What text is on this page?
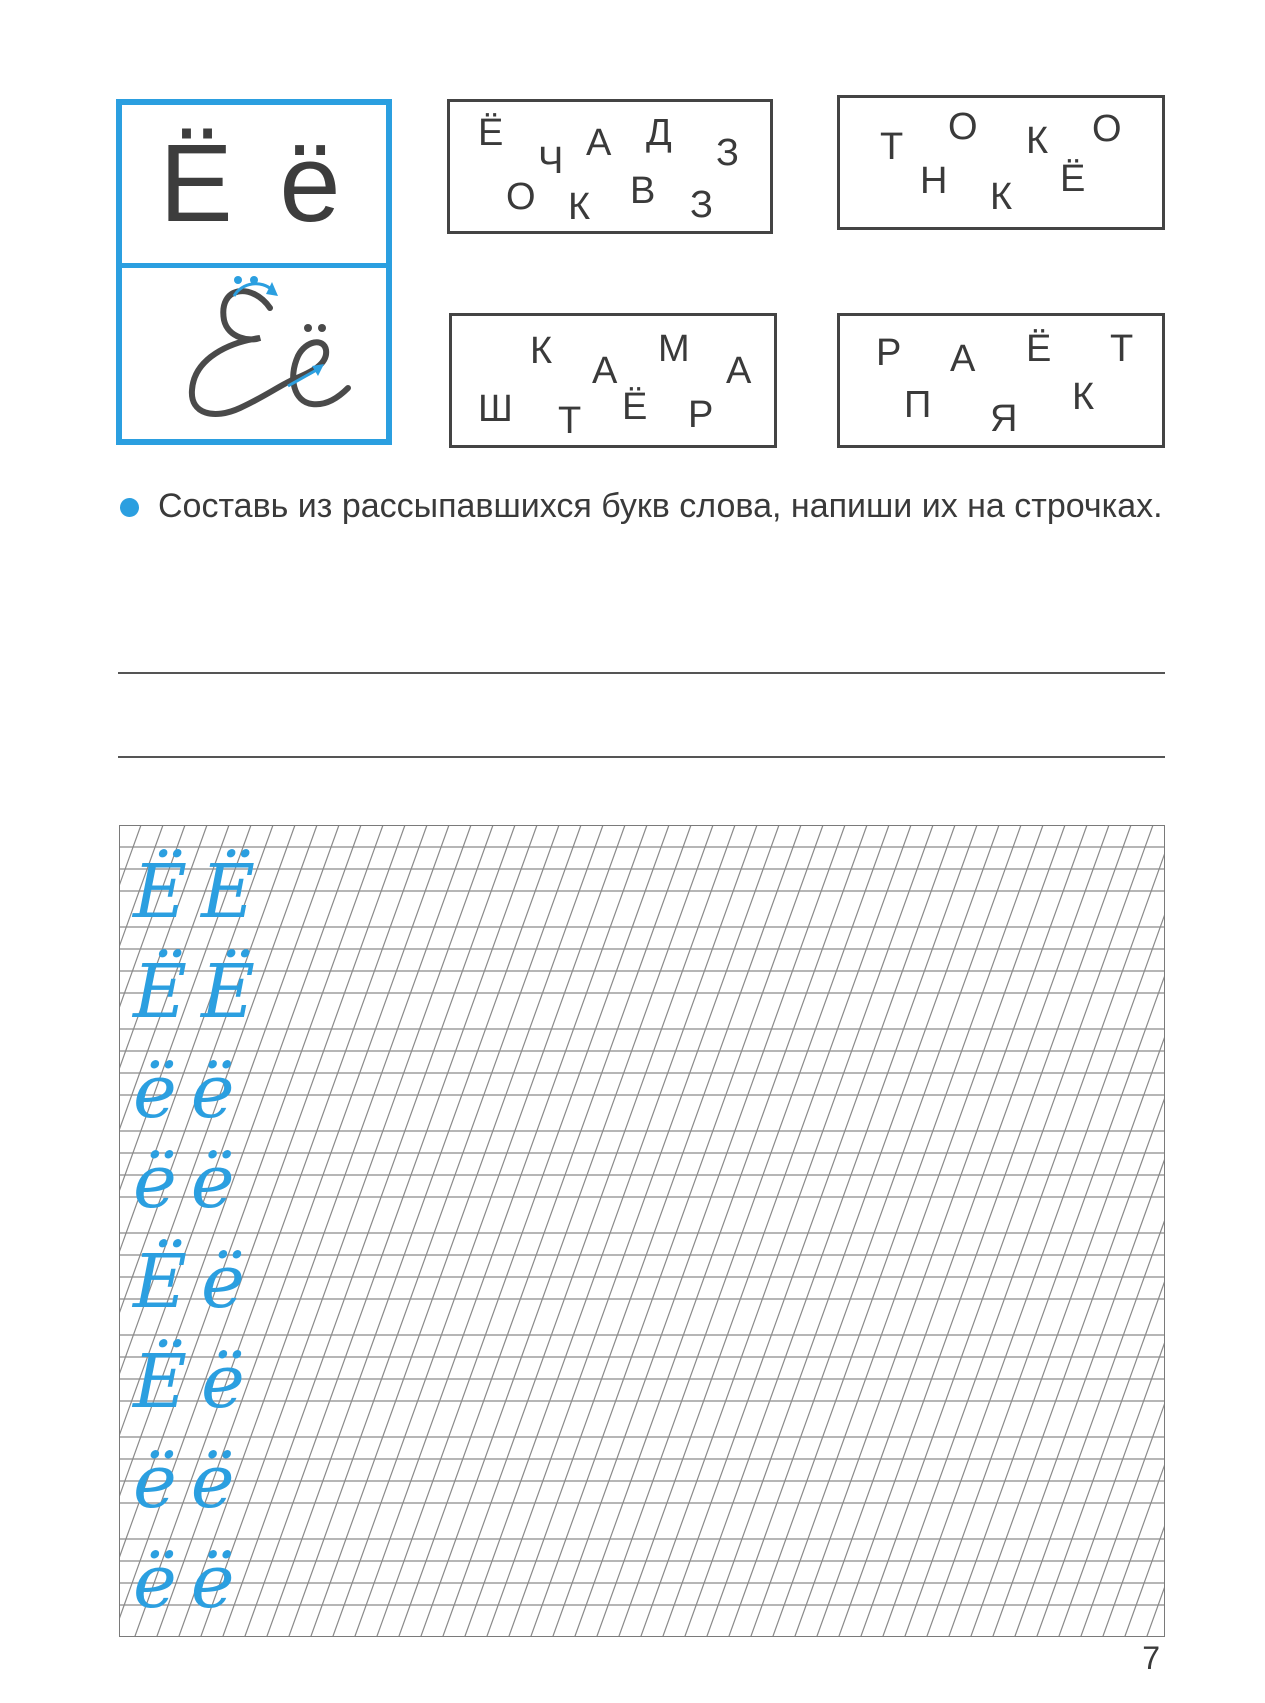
Ё ё	Ё
Ч А Д З
О К В З
Т О К О
Н К Ё
К А
М
А
Ш Т Ё Р
Р А Ё Т
П Я
К
Составь из рассыпавшихся букв слова, напиши их на строчках.
ЁЁ
ЁЁ
ёё
ёё
Ёё
Ёё
ёё
ёё
7
